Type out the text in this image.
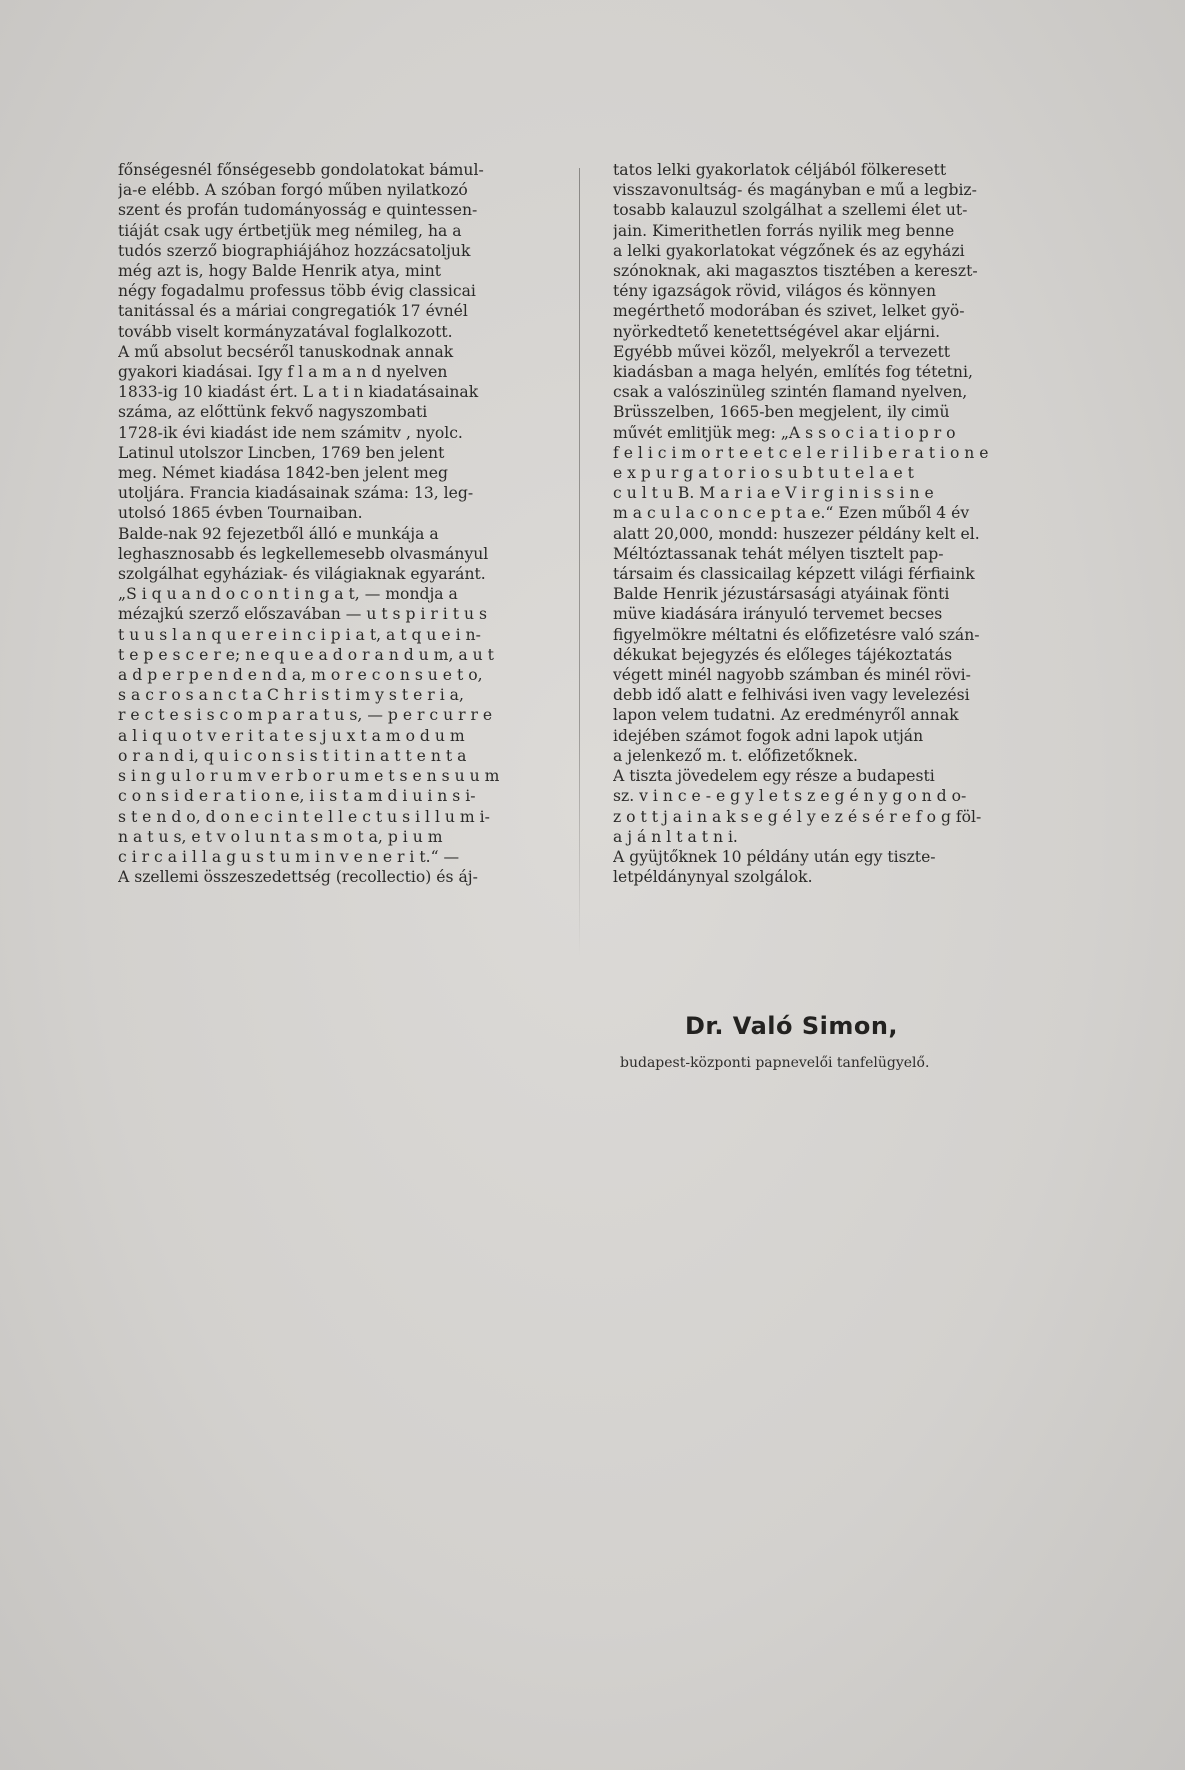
főnségesnél főnségesebb gondolatokat bámul-
ja-e elébb. A szóban forgó műben nyilatkozó
szent és profán tudományosság e quintessen-
tiáját csak ugy értbetjük meg némileg, ha a
tudós szerző biographiájához hozzácsatoljuk
még azt is, hogy Balde Henrik atya, mint
négy fogadalmu professus több évig classicai
tanitással és a máriai congregatiók 17 évnél
tovább viselt kormányzatával foglalkozott.
A mű absolut becséről tanuskodnak annak
gyakori kiadásai. Igy f l a m a n d nyelven
1833-ig 10 kiadást ért. L a t i n kiadatásainak
száma, az előttünk fekvő nagyszombati
1728-ik évi kiadást ide nem számitv , nyolc.
Latinul utolszor Lincben, 1769 ben jelent
meg. Német kiadása 1842-ben jelent meg
utoljára. Francia kiadásainak száma: 13, leg-
utolsó 1865 évben Tournaiban.
Balde-nak 92 fejezetből álló e munkája a
leghasznosabb és legkellemesebb olvasmányul
szolgálhat egyháziak- és világiaknak egyaránt.
„S i q u a n d o c o n t i n g a t, — mondja a
mézajkú szerző előszavában — u t s p i r i t u s
t u u s l a n q u e r e i n c i p i a t, a t q u e i n-
t e p e s c e r e; n e q u e a d o r a n d u m, a u t
a d p e r p e n d e n d a, m o r e c o n s u e t o,
s a c r o s a n c t a C h r i s t i m y s t e r i a,
r e c t e s i s c o m p a r a t u s, — p e r c u r r e
a l i q u o t v e r i t a t e s j u x t a m o d u m
o r a n d i, q u i c o n s i s t i t i n a t t e n t a
s i n g u l o r u m v e r b o r u m e t s e n s u u m
c o n s i d e r a t i o n e, i i s t a m d i u i n s i-
s t e n d o, d o n e c i n t e l l e c t u s i l l u m i-
n a t u s, e t v o l u n t a s m o t a, p i u m
c i r c a i l l a g u s t u m i n v e n e r i t.“ —
A szellemi összeszedettség (recollectio) és áj-
tatos lelki gyakorlatok céljából fölkeresett
visszavonultság- és magányban e mű a legbiz-
tosabb kalauzul szolgálhat a szellemi élet ut-
jain. Kimerithetlen forrás nyilik meg benne
a lelki gyakorlatokat végzőnek és az egyházi
szónoknak, aki magasztos tisztében a kereszt-
tény igazságok rövid, világos és könnyen
megérthető modorában és szivet, lelket gyö-
nyörkedtető kenetettségével akar eljárni.
Egyébb művei közől, melyekről a tervezett
kiadásban a maga helyén, említés fog tétetni,
csak a valószinüleg szintén flamand nyelven,
Brüsszelben, 1665-ben megjelent, ily cimü
művét emlitjük meg: „A s s o c i a t i o p r o
f e l i c i m o r t e e t c e l e r i l i b e r a t i o n e
e x p u r g a t o r i o s u b t u t e l a e t
c u l t u B. M a r i a e V i r g i n i s s i n e
m a c u l a c o n c e p t a e.“ Ezen műből 4 év
alatt 20,000, mondd: huszezer példány kelt el.
Méltóztassanak tehát mélyen tisztelt pap-
társaim és classicailag képzett világi férfiaink
Balde Henrik jézustársasági atyáinak fönti
müve kiadására irányuló tervemet becses
figyelmökre méltatni és előfizetésre való szán-
dékukat bejegyzés és előleges tájékoztatás
végett minél nagyobb számban és minél rövi-
debb idő alatt e felhivási iven vagy levelezési
lapon velem tudatni. Az eredményről annak
idejében számot fogok adni lapok utján
a jelenkező m. t. előfizetőknek.
A tiszta jövedelem egy része a budapesti
sz. v i n c e - e g y l e t s z e g é n y g o n d o-
z o t t j a i n a k s e g é l y e z é s é r e f o g föl-
a j á n l t a t n i.
A gyüjtőknek 10 példány után egy tiszte-
letpéldánynyal szolgálok.
Dr. Való Simon,
budapest-központi papnevelői tanfelügyelő.
